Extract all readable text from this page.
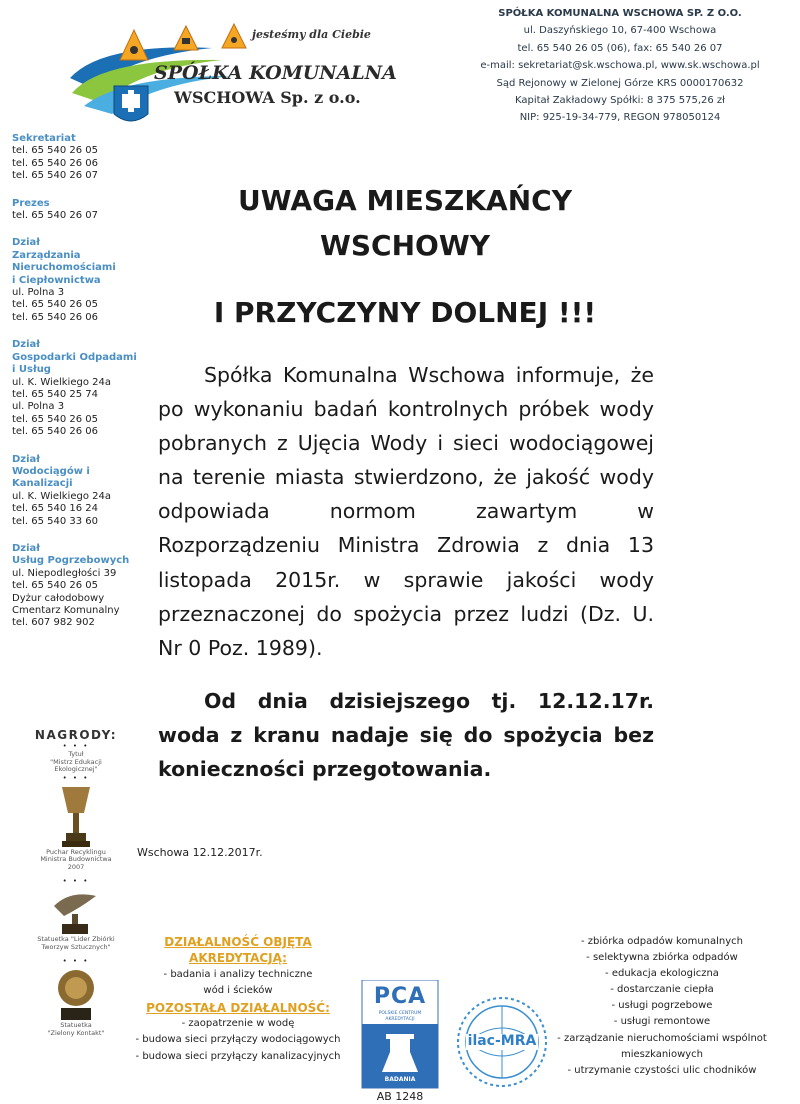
jesteśmy dla Ciebie
SPÓŁKA KOMUNALNA
WSCHOWA Sp. z o.o.
SPÓŁKA KOMUNALNA WSCHOWA SP. Z O.O.
ul. Daszyńskiego 10, 67-400 Wschowa
tel. 65 540 26 05 (06), fax: 65 540 26 07
e-mail: sekretariat@sk.wschowa.pl, www.sk.wschowa.pl
Sąd Rejonowy w Zielonej Górze KRS 0000170632
Kapitał Zakładowy Spółki: 8 375 575,26 zł
NIP: 925-19-34-779, REGON 978050124
Sekretariat
tel. 65 540 26 05
tel. 65 540 26 06
tel. 65 540 26 07
Prezes
tel. 65 540 26 07
Dział
Zarządzania
Nieruchomościami
i Ciepłownictwa
ul. Polna 3
tel. 65 540 26 05
tel. 65 540 26 06
Dział
Gospodarki Odpadami
i Usług
ul. K. Wielkiego 24a
tel. 65 540 25 74
ul. Polna 3
tel. 65 540 26 05
tel. 65 540 26 06
Dział
Wodociągów i
Kanalizacji
ul. K. Wielkiego 24a
tel. 65 540 16 24
tel. 65 540 33 60
Dział
Usług Pogrzebowych
ul. Niepodległości 39
tel. 65 540 26 05
Dyżur całodobowy
Cmentarz Komunalny
tel. 607 982 902
NAGRODY:
• • •
Tytuł
"Mistrz Edukacji
Ekologicznej"
• • •
Puchar Recyklingu
Ministra Budownictwa
2007
• • •
Statuetka "Lider Zbiórki
Tworzyw Sztucznych"
• • •
Statuetka
"Zielony Kontakt"
UWAGA MIESZKAŃCY
WSCHOWY
I PRZYCZYNY DOLNEJ !!!

Spółka Komunalna Wschowa informuje, że po wykonaniu badań kontrolnych próbek wody pobranych z Ujęcia Wody i sieci wodociągowej na terenie miasta stwierdzono, że jakość wody odpowiada normom zawartym w Rozporządzeniu Ministra Zdrowia z dnia 13 listopada 2015r. w sprawie jakości wody przeznaczonej do spożycia przez ludzi (Dz. U. Nr 0 Poz. 1989).

Od dnia dzisiejszego tj. 12.12.17r. woda z kranu nadaje się do spożycia bez konieczności przegotowania.

Wschowa 12.12.2017r.
DZIAŁALNOŚĆ OBJĘTA
AKREDYTACJĄ:
- badania i analizy techniczne
wód i ścieków
POZOSTAŁA DZIAŁALNOŚĆ:
- zaopatrzenie w wodę
- budowa sieci przyłączy wodociągowych
- budowa sieci przyłączy kanalizacyjnych
PCA
POLSKIE CENTRUM
AKREDYTACJI
BADANIA
AB 1248
ilac-MRA
- zbiórka odpadów komunalnych
- selektywna zbiórka odpadów
- edukacja ekologiczna
- dostarczanie ciepła
- usługi pogrzebowe
- usługi remontowe
- zarządzanie nieruchomościami wspólnot
mieszkaniowych
- utrzymanie czystości ulic chodników
